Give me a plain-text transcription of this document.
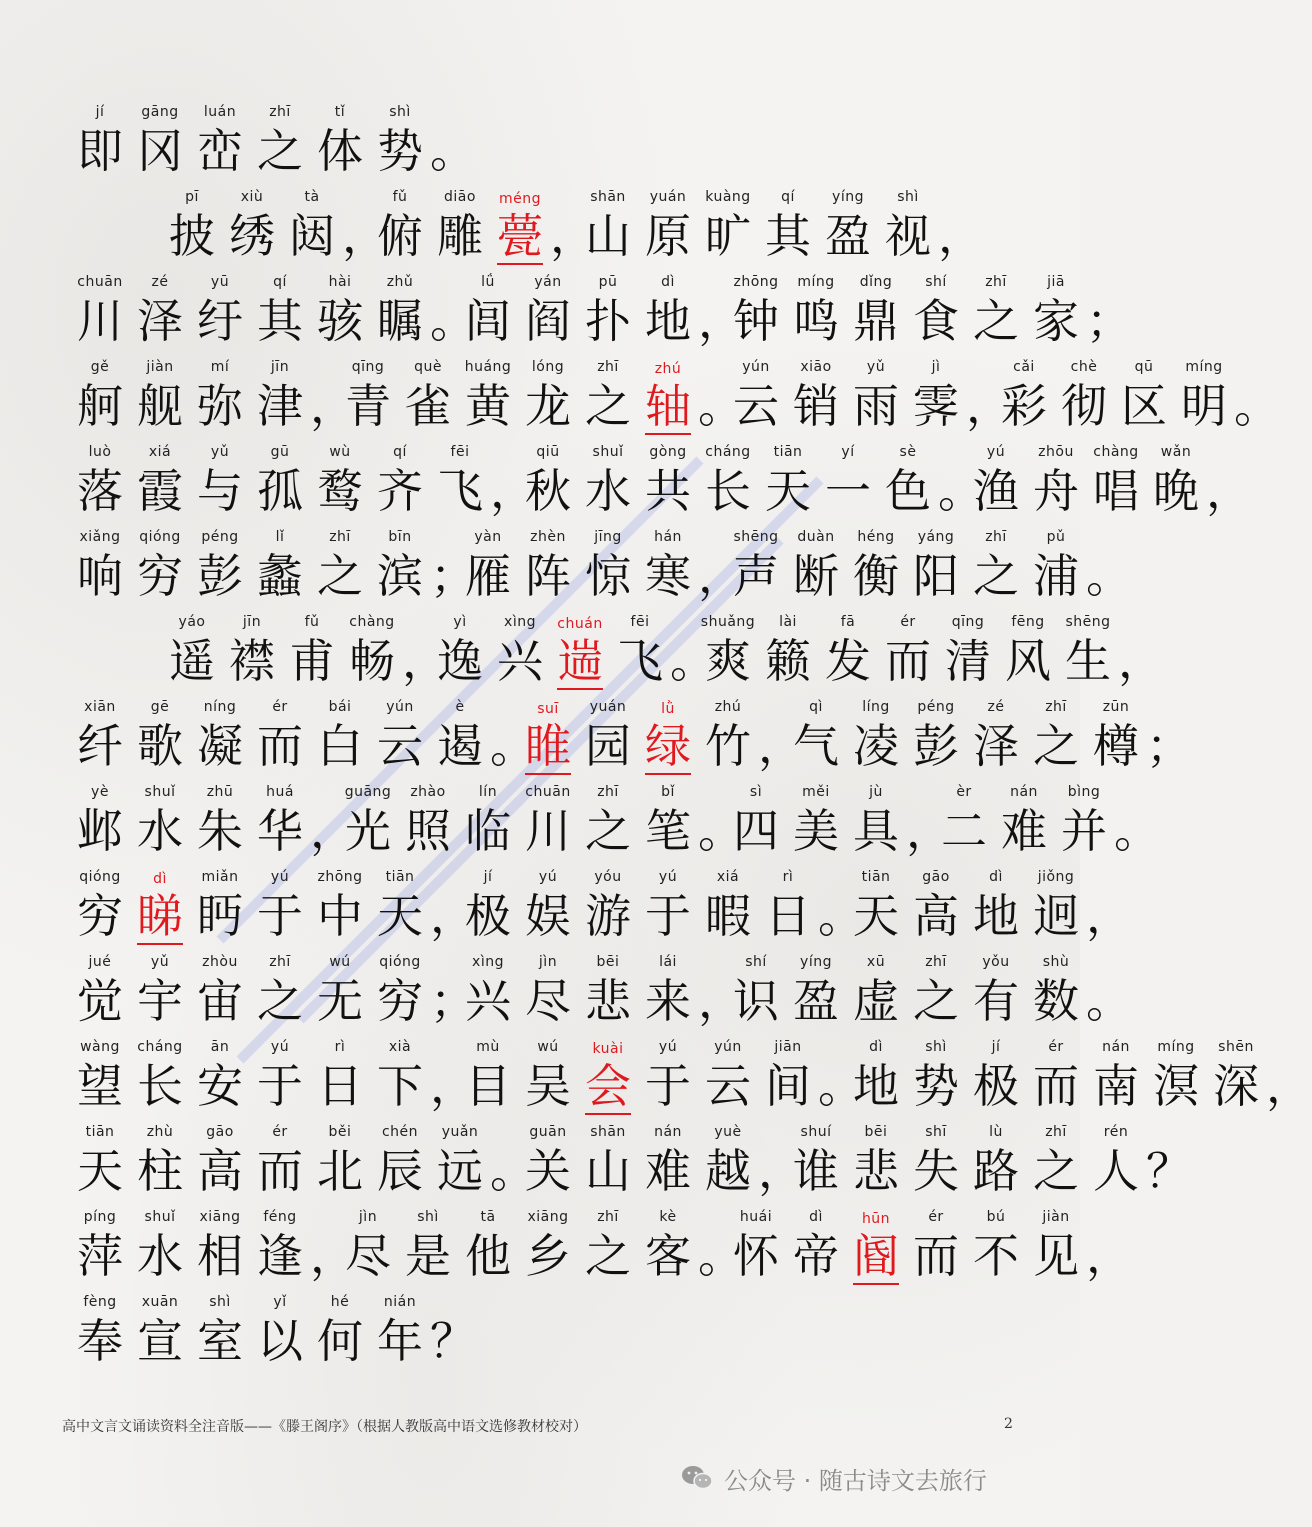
jí
即
gāng
冈
luán
峦
zhī
之
tǐ
体
shì
势 。
pī
披
xiù
绣
tà
闼 ，
fǔ
俯
diāo
雕
méng
甍 ，
shān
山
yuán
原
kuàng
旷
qí
其
yíng
盈
shì
视 ，
chuān
川
zé
泽
yū
纡
qí
其
hài
骇
zhǔ
瞩 。
lǘ
闾
yán
阎
pū
扑
dì
地 ，
zhōng
钟
míng
鸣
dǐng
鼎
shí
食
zhī
之
jiā
家 ；
gě
舸
jiàn
舰
mí
弥
jīn
津 ，
qīng
青
què
雀
huáng
黄
lóng
龙
zhī
之
zhú
轴 。
yún
云
xiāo
销
yǔ
雨
jì
霁 ，
cǎi
彩
chè
彻
qū
区
míng
明 。
luò
落
xiá
霞
yǔ
与
gū
孤
wù
鹜
qí
齐
fēi
飞 ，
qiū
秋
shuǐ
水
gòng
共
cháng
长
tiān
天
yí
一
sè
色 。
yú
渔
zhōu
舟
chàng
唱
wǎn
晚 ，
xiǎng
响
qióng
穷
péng
彭
lǐ
蠡
zhī
之
bīn
滨 ；
yàn
雁
zhèn
阵
jīng
惊
hán
寒 ，
shēng
声
duàn
断
héng
衡
yáng
阳
zhī
之
pǔ
浦 。
yáo
遥
jīn
襟
fǔ
甫
chàng
畅 ，
yì
逸
xìng
兴
chuán
遄
fēi
飞 。
shuǎng
爽
lài
籁
fā
发
ér
而
qīng
清
fēng
风
shēng
生 ，
xiān
纤
gē
歌
níng
凝
ér
而
bái
白
yún
云
è
遏 。
suī
睢
yuán
园
lǜ
绿
zhú
竹 ，
qì
气
líng
凌
péng
彭
zé
泽
zhī
之
zūn
樽 ；
yè
邺
shuǐ
水
zhū
朱
huá
华 ，
guāng
光
zhào
照
lín
临
chuān
川
zhī
之
bǐ
笔 。
sì
四
měi
美
jù
具 ，
èr
二
nán
难
bìng
并 。
qióng
穷
dì
睇
miǎn
眄
yú
于
zhōng
中
tiān
天 ，
jí
极
yú
娱
yóu
游
yú
于
xiá
暇
rì
日 。
tiān
天
gāo
高
dì
地
jiǒng
迥 ，
jué
觉
yǔ
宇
zhòu
宙
zhī
之
wú
无
qióng
穷 ；
xìng
兴
jìn
尽
bēi
悲
lái
来 ，
shí
识
yíng
盈
xū
虚
zhī
之
yǒu
有
shù
数 。
wàng
望
cháng
长
ān
安
yú
于
rì
日
xià
下 ，
mù
目
wú
吴
kuài
会
yú
于
yún
云
jiān
间 。
dì
地
shì
势
jí
极
ér
而
nán
南
míng
溟
shēn
深 ，
tiān
天
zhù
柱
gāo
高
ér
而
běi
北
chén
辰
yuǎn
远 。
guān
关
shān
山
nán
难
yuè
越 ，
shuí
谁
bēi
悲
shī
失
lù
路
zhī
之
rén
人 ？
píng
萍
shuǐ
水
xiāng
相
féng
逢 ，
jìn
尽
shì
是
tā
他
xiāng
乡
zhī
之
kè
客 。
huái
怀
dì
帝
hūn
阍
ér
而
bú
不
jiàn
见 ，
fèng
奉
xuān
宣
shì
室
yǐ
以
hé
何
nián
年 ？
高中文言文诵读资料全注音版——《滕王阁序》（根据人教版高中语文选修教材校对）	2
公众号 · 随古诗文去旅行
